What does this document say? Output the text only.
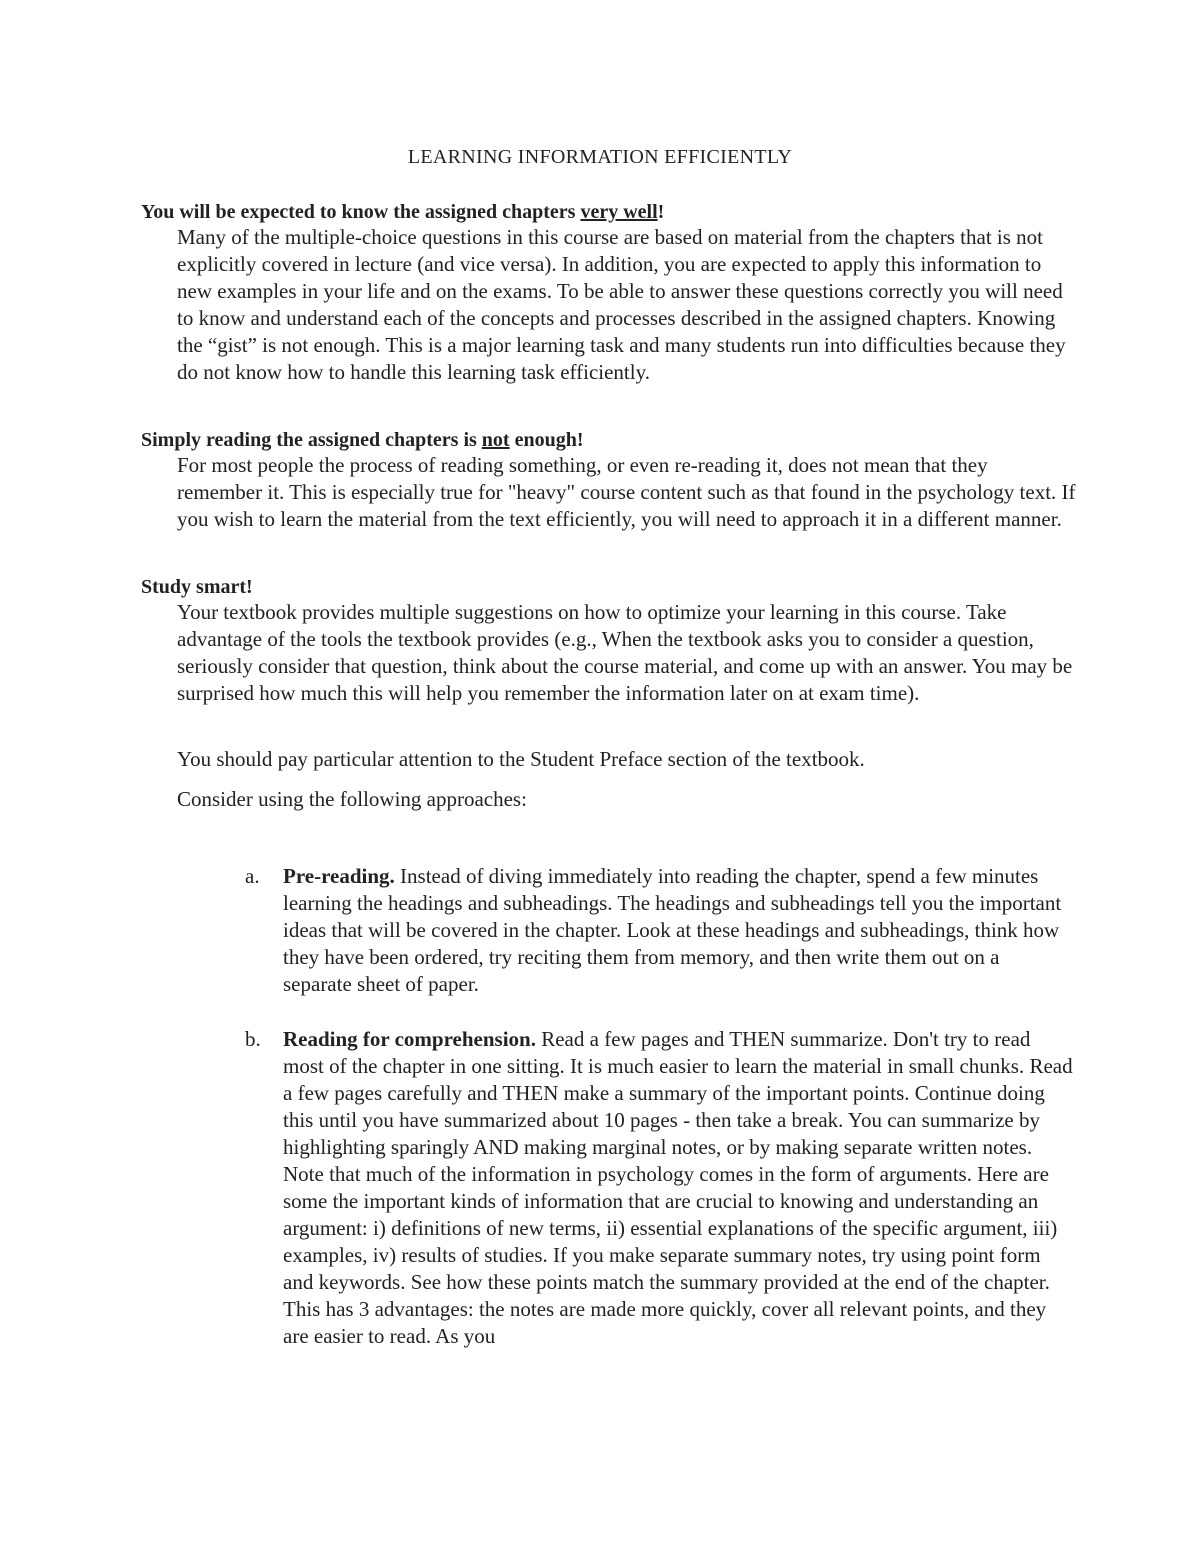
LEARNING INFORMATION EFFICIENTLY
You will be expected to know the assigned chapters very well!

Many of the multiple-choice questions in this course are based on material from the chapters that is not explicitly covered in lecture (and vice versa). In addition, you are expected to apply this information to new examples in your life and on the exams. To be able to answer these questions correctly you will need to know and understand each of the concepts and processes described in the assigned chapters. Knowing the “gist” is not enough. This is a major learning task and many students run into difficulties because they do not know how to handle this learning task efficiently.

Simply reading the assigned chapters is not enough!

For most people the process of reading something, or even re-reading it, does not mean that they remember it. This is especially true for "heavy" course content such as that found in the psychology text. If you wish to learn the material from the text efficiently, you will need to approach it in a different manner.

Study smart!

Your textbook provides multiple suggestions on how to optimize your learning in this course. Take advantage of the tools the textbook provides (e.g., When the textbook asks you to consider a question, seriously consider that question, think about the course material, and come up with an answer. You may be surprised how much this will help you remember the information later on at exam time).

You should pay particular attention to the Student Preface section of the textbook.

Consider using the following approaches:

a. Pre-reading. Instead of diving immediately into reading the chapter, spend a few minutes learning the headings and subheadings. The headings and subheadings tell you the important ideas that will be covered in the chapter. Look at these headings and subheadings, think how they have been ordered, try reciting them from memory, and then write them out on a separate sheet of paper.
b. Reading for comprehension. Read a few pages and THEN summarize. Don't try to read most of the chapter in one sitting. It is much easier to learn the material in small chunks. Read a few pages carefully and THEN make a summary of the important points. Continue doing this until you have summarized about 10 pages - then take a break. You can summarize by highlighting sparingly AND making marginal notes, or by making separate written notes. Note that much of the information in psychology comes in the form of arguments. Here are some the important kinds of information that are crucial to knowing and understanding an argument: i) definitions of new terms, ii) essential explanations of the specific argument, iii) examples, iv) results of studies. If you make separate summary notes, try using point form and keywords. See how these points match the summary provided at the end of the chapter. This has 3 advantages: the notes are made more quickly, cover all relevant points, and they are easier to read. As you
